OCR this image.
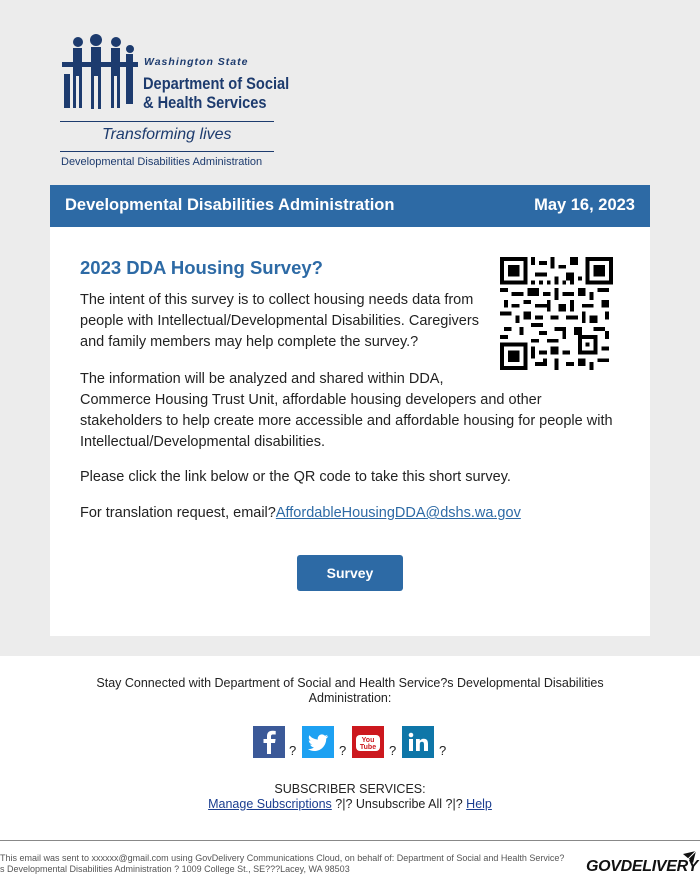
Washington State
Department of Social
& Health Services
Transforming lives
Developmental Disabilities Administration
Developmental Disabilities Administration	May 16, 2023
2023 DDA Housing Survey?
The intent of this survey is to collect housing needs data from people with Intellectual/Developmental Disabilities. Caregivers and family members may help complete the survey.?
The information will be analyzed and shared within DDA,
Commerce Housing Trust Unit, affordable housing developers and other stakeholders to help create more accessible and affordable housing for people with Intellectual/Developmental disabilities.
Please click the link below or the QR code to take this short survey.
For translation request, email?AffordableHousingDDA@dshs.wa.gov
Survey
Stay Connected with Department of Social and Health Service?s Developmental Disabilities Administration:
?	?
You
Tube ?	?
SUBSCRIBER SERVICES:
Manage Subscriptions ?|? Unsubscribe All ?|? Help
This email was sent to xxxxxx@gmail.com using GovDelivery Communications Cloud, on behalf of: Department of Social and Health Service?s Developmental Disabilities Administration ? 1009 College St., SE???Lacey, WA 98503	GOVDELIVERY
